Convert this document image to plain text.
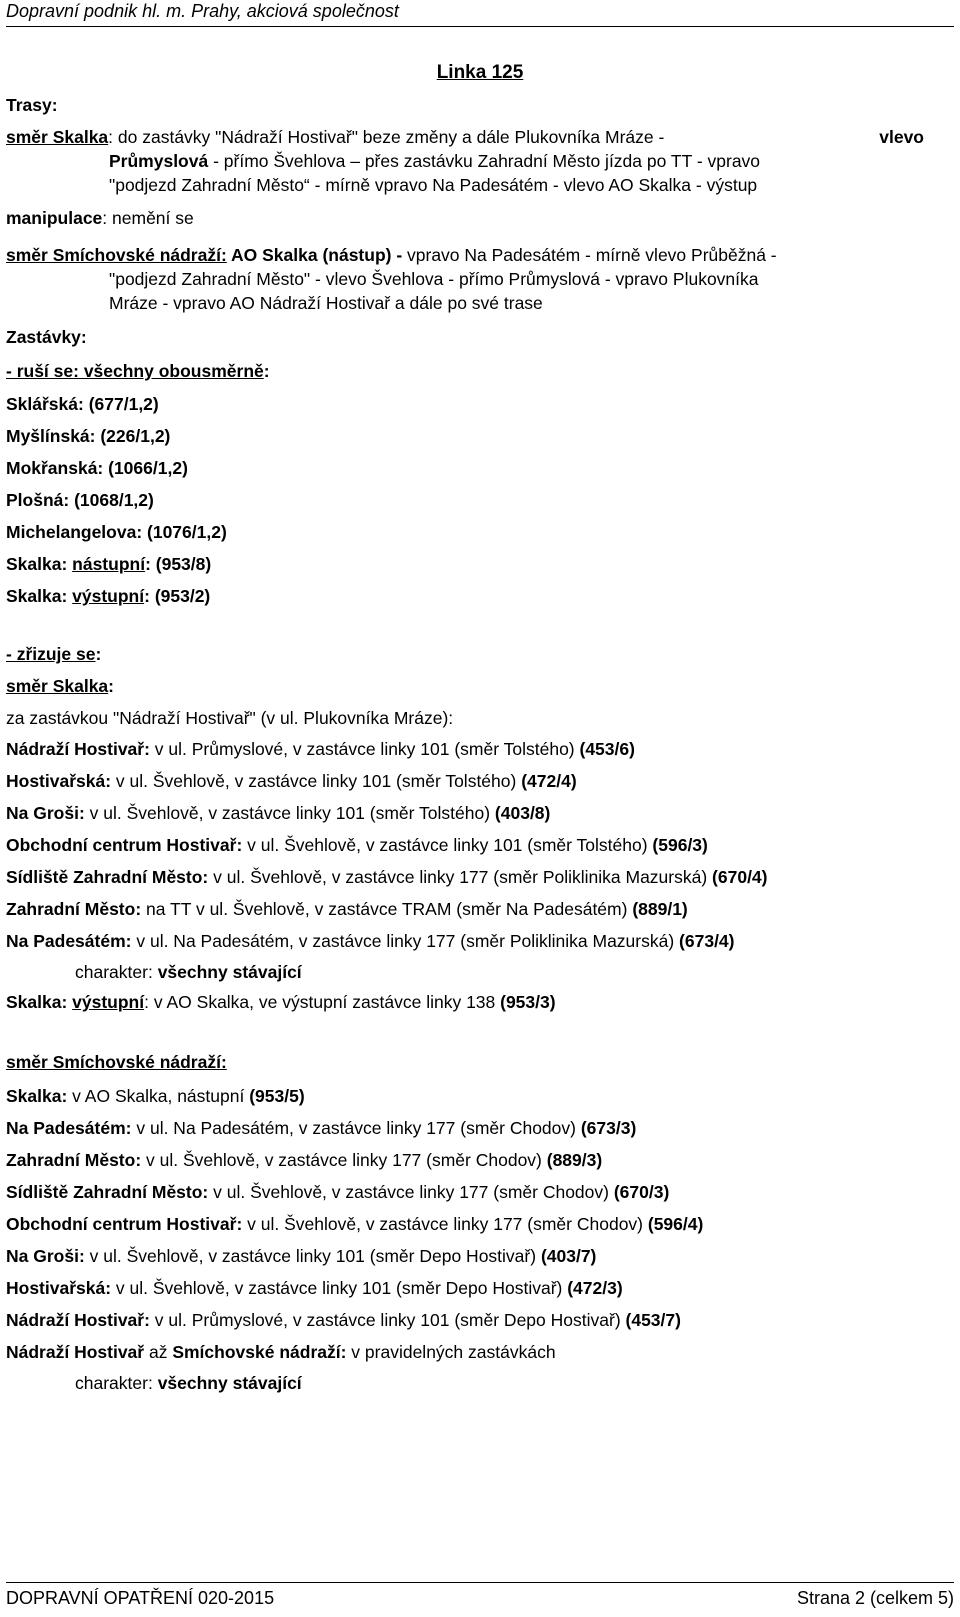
Dopravní podnik hl. m. Prahy, akciová společnost
Linka 125
Trasy:
směr Skalka: do zastávky "Nádraží Hostivař" beze změny a dále Plukovníka Mráze -	vlevo
Průmyslová - přímo Švehlova – přes zastávku Zahradní Město jízda po TT - vpravo
"podjezd Zahradní Město“ - mírně vpravo Na Padesátém - vlevo AO Skalka - výstup
manipulace: nemění se
směr Smíchovské nádraží: AO Skalka (nástup) - vpravo Na Padesátém - mírně vlevo Průběžná -
"podjezd Zahradní Město" - vlevo Švehlova - přímo Průmyslová - vpravo Plukovníka
Mráze - vpravo AO Nádraží Hostivař a dále po své trase
Zastávky:
- ruší se: všechny obousměrně:
Sklářská: (677/1,2)
Myšlínská: (226/1,2)
Mokřanská: (1066/1,2)
Plošná: (1068/1,2)
Michelangelova: (1076/1,2)
Skalka: nástupní: (953/8)
Skalka: výstupní: (953/2)
- zřizuje se:
směr Skalka:
za zastávkou "Nádraží Hostivař" (v ul. Plukovníka Mráze):
Nádraží Hostivař: v ul. Průmyslové, v zastávce linky 101 (směr Tolstého) (453/6)
Hostivařská: v ul. Švehlově, v zastávce linky 101 (směr Tolstého) (472/4)
Na Groši: v ul. Švehlově, v zastávce linky 101 (směr Tolstého) (403/8)
Obchodní centrum Hostivař: v ul. Švehlově, v zastávce linky 101 (směr Tolstého) (596/3)
Sídliště Zahradní Město: v ul. Švehlově, v zastávce linky 177 (směr Poliklinika Mazurská) (670/4)
Zahradní Město: na TT v ul. Švehlově, v zastávce TRAM (směr Na Padesátém) (889/1)
Na Padesátém: v ul. Na Padesátém, v zastávce linky 177 (směr Poliklinika Mazurská) (673/4)
charakter: všechny stávající
Skalka: výstupní: v AO Skalka, ve výstupní zastávce linky 138 (953/3)
směr Smíchovské nádraží:
Skalka: v AO Skalka, nástupní (953/5)
Na Padesátém: v ul. Na Padesátém, v zastávce linky 177 (směr Chodov) (673/3)
Zahradní Město: v ul. Švehlově, v zastávce linky 177 (směr Chodov) (889/3)
Sídliště Zahradní Město: v ul. Švehlově, v zastávce linky 177 (směr Chodov) (670/3)
Obchodní centrum Hostivař: v ul. Švehlově, v zastávce linky 177 (směr Chodov) (596/4)
Na Groši: v ul. Švehlově, v zastávce linky 101 (směr Depo Hostivař) (403/7)
Hostivařská: v ul. Švehlově, v zastávce linky 101 (směr Depo Hostivař) (472/3)
Nádraží Hostivař: v ul. Průmyslové, v zastávce linky 101 (směr Depo Hostivař) (453/7)
Nádraží Hostivař až Smíchovské nádraží: v pravidelných zastávkách
charakter: všechny stávající
DOPRAVNÍ OPATŘENÍ 020-2015	Strana 2 (celkem 5)
